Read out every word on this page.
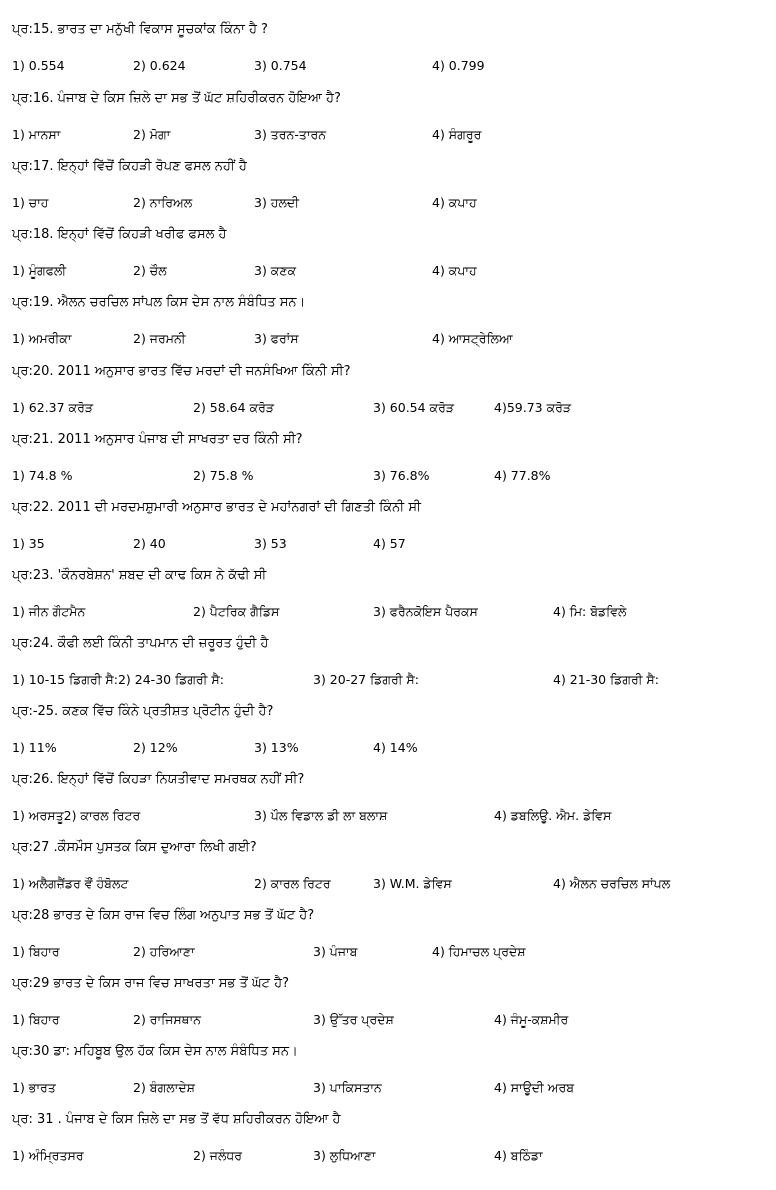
ਪ੍ਰ:15. ਭਾਰਤ ਦਾ ਮਨੁੱਖੀ ਵਿਕਾਸ ਸੂਚਕਾਂਕ ਕਿੰਨਾ ਹੈ ?
1) 0.554	2) 0.624	3) 0.754	4) 0.799
ਪ੍ਰ:16. ਪੰਜਾਬ ਦੇ ਕਿਸ ਜ਼ਿਲੇ ਦਾ ਸਭ ਤੋਂ ਘੱਟ ਸ਼ਹਿਰੀਕਰਨ ਹੋਇਆ ਹੈ?
1) ਮਾਨਸਾ	2) ਮੋਗਾ	3) ਤਰਨ-ਤਾਰਨ	4) ਸੰਗਰੂਰ
ਪ੍ਰ:17. ਇਨ੍ਹਾਂ ਵਿੱਚੋਂ ਕਿਹੜੀ ਰੋਪਣ ਫਸਲ ਨਹੀਂ ਹੈ
1) ਚਾਹ	2) ਨਾਰਿਅਲ	3) ਹਲਦੀ	4) ਕਪਾਹ
ਪ੍ਰ:18. ਇਨ੍ਹਾਂ ਵਿੱਚੋਂ ਕਿਹੜੀ ਖਰੀਫ ਫਸਲ ਹੈ
1) ਮੂੰਗਫਲੀ	2) ਚੌਲ	3) ਕਣਕ	4) ਕਪਾਹ
ਪ੍ਰ:19. ਐਲਨ ਚਰਚਿਲ ਸਾਂਪਲ ਕਿਸ ਦੇਸ ਨਾਲ ਸੰਬੰਧਿਤ ਸਨ।
1) ਅਮਰੀਕਾ	2) ਜਰਮਨੀ	3) ਫਰਾਂਸ	4) ਆਸਟ੍ਰੇਲਿਆ
ਪ੍ਰ:20. 2011 ਅਨੁਸਾਰ ਭਾਰਤ ਵਿੱਚ ਮਰਦਾਂ ਦੀ ਜਨਸੰਖਿਆ ਕਿੰਨੀ ਸੀ?
1) 62.37 ਕਰੋੜ	2) 58.64 ਕਰੋੜ	3) 60.54 ਕਰੋੜ	4)59.73 ਕਰੋੜ
ਪ੍ਰ:21. 2011 ਅਨੁਸਾਰ ਪੰਜਾਬ ਦੀ ਸਾਖਰਤਾ ਦਰ ਕਿੰਨੀ ਸੀ?
1) 74.8 %	2) 75.8 %	3) 76.8%	4) 77.8%
ਪ੍ਰ:22. 2011 ਦੀ ਮਰਦਮਸ਼ੁਮਾਰੀ ਅਨੁਸਾਰ ਭਾਰਤ ਦੇ ਮਹਾਂਨਗਰਾਂ ਦੀ ਗਿਣਤੀ ਕਿੰਨੀ ਸੀ
1) 35	2) 40	3) 53	4) 57
ਪ੍ਰ:23. 'ਕੌਨਰਬੇਸ਼ਨ' ਸ਼ਬਦ ਦੀ ਕਾਢ ਕਿਸ ਨੇ ਕੱਢੀ ਸੀ
1) ਜੀਨ ਗੌਟਮੈਨ	2) ਪੈਟਰਿਕ ਗੈਡਿਸ	3) ਫਰੈਨਕੋਇਸ ਪੈਰਕਸ	4) ਮਿ: ਬੋਡਵਿਲੇ
ਪ੍ਰ:24. ਕੌਫੀ ਲਈ ਕਿੰਨੀ ਤਾਪਮਾਨ ਦੀ ਜ਼ਰੂਰਤ ਹੁੰਦੀ ਹੈ
1) 10-15 ਡਿਗਰੀ ਸੈ:2) 24-30 ਡਿਗਰੀ ਸੈ:	3) 20-27 ਡਿਗਰੀ ਸੈ:	4) 21-30 ਡਿਗਰੀ ਸੈ:
ਪ੍ਰ:-25. ਕਣਕ ਵਿੱਚ ਕਿੰਨੇ ਪ੍ਰਤੀਸ਼ਤ ਪ੍ਰੋਟੀਨ ਹੁੰਦੀ ਹੈ?
1) 11%	2) 12%	3) 13%	4) 14%
ਪ੍ਰ:26. ਇਨ੍ਹਾਂ ਵਿੱਚੋਂ ਕਿਹੜਾ ਨਿਯਤੀਵਾਦ ਸਮਰਥਕ ਨਹੀਂ ਸੀ?
1) ਅਰਸਤੂ2) ਕਾਰਲ ਰਿਟਰ	3) ਪੌਲ ਵਿਡਾਲ ਡੀ ਲਾ ਬਲਾਸ਼	4) ਡਬਲਿਊ. ਐਮ. ਡੇਵਿਸ
ਪ੍ਰ:27 .ਕੌਸਮੌਸ ਪੁਸਤਕ ਕਿਸ ਦੁਆਰਾ ਲਿਖੀ ਗਈ?
1) ਅਲੈਗਜ਼ੈਂਡਰ ਵੌਂ ਹੰਬੋਲਟ	2) ਕਾਰਲ ਰਿਟਰ	3) W.M. ਡੇਵਿਸ	4) ਐਲਨ ਚਰਚਿਲ ਸਾਂਪਲ
ਪ੍ਰ:28 ਭਾਰਤ ਦੇ ਕਿਸ ਰਾਜ ਵਿਚ ਲਿੰਗ ਅਨੁਪਾਤ ਸਭ ਤੋਂ ਘੱਟ ਹੈ?
1) ਬਿਹਾਰ	2) ਹਰਿਆਣਾ	3) ਪੰਜਾਬ	4) ਹਿਮਾਚਲ ਪ੍ਰਦੇਸ਼
ਪ੍ਰ:29 ਭਾਰਤ ਦੇ ਕਿਸ ਰਾਜ ਵਿਚ ਸਾਖਰਤਾ ਸਭ ਤੋਂ ਘੱਟ ਹੈ?
1) ਬਿਹਾਰ	2) ਰਾਜਿਸਥਾਨ	3) ਉੱਤਰ ਪ੍ਰਦੇਸ਼	4) ਜੰਮੂ-ਕਸ਼ਮੀਰ
ਪ੍ਰ:30 ਡਾ: ਮਹਿਬੂਬ ਉਲ ਹੱਕ ਕਿਸ ਦੇਸ ਨਾਲ ਸੰਬੰਧਿਤ ਸਨ।
1) ਭਾਰਤ	2) ਬੰਗਲਾਦੇਸ਼	3) ਪਾਕਿਸਤਾਨ	4) ਸਾਊਦੀ ਅਰਬ
ਪ੍ਰ: 31 . ਪੰਜਾਬ ਦੇ ਕਿਸ ਜ਼ਿਲੇ ਦਾ ਸਭ ਤੋਂ ਵੱਧ ਸ਼ਹਿਰੀਕਰਨ ਹੋਇਆ ਹੈ
1) ਅੰਮ੍ਰਿਤਸਰ	2) ਜਲੰਧਰ	3) ਲੁਧਿਆਣਾ	4) ਬਠਿੰਡਾ
